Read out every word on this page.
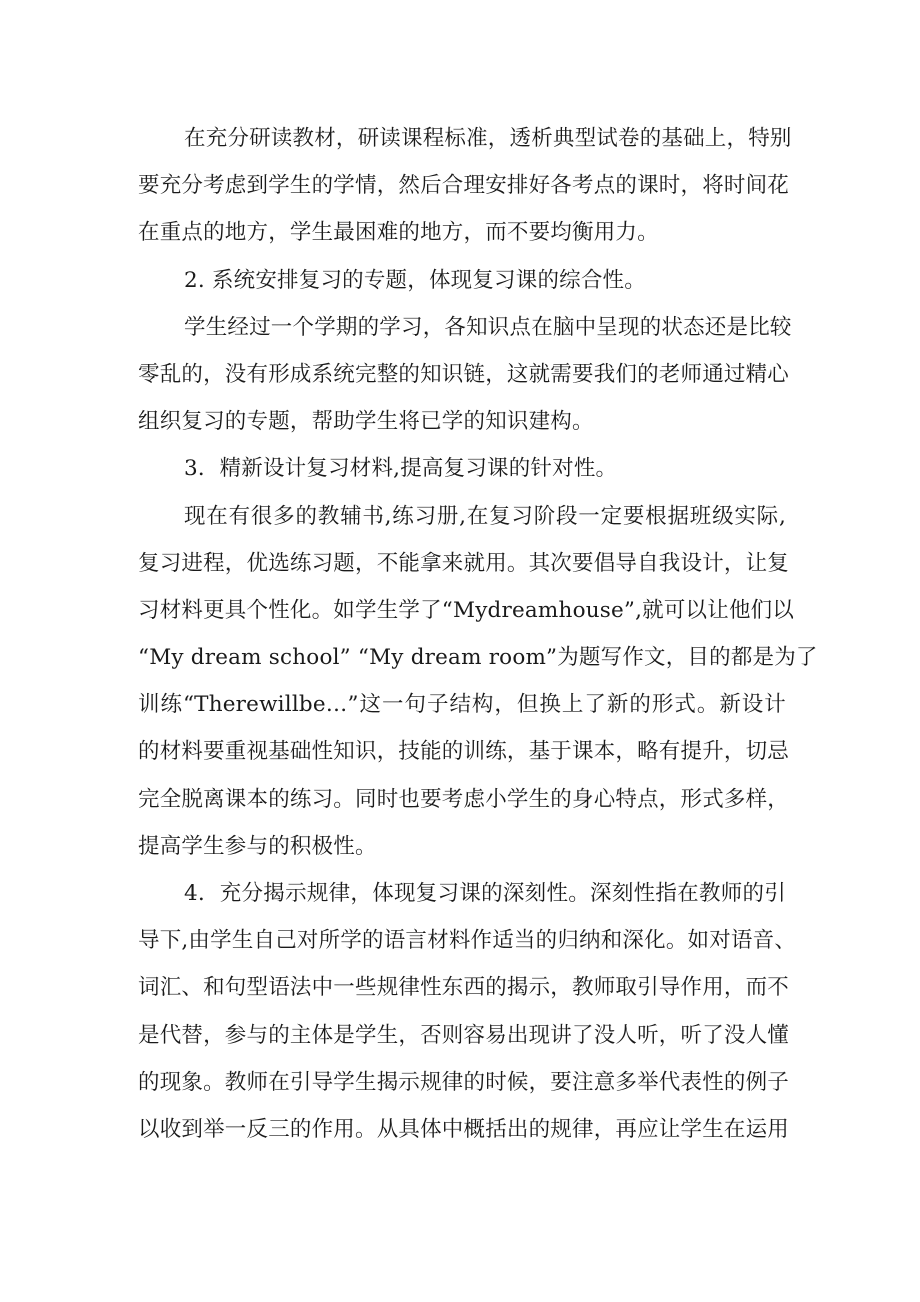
在充分研读教材，研读课程标准，透析典型试卷的基础上，特别
要充分考虑到学生的学情，然后合理安排好各考点的课时，将时间花
在重点的地方，学生最困难的地方，而不要均衡用力。
2. 系统安排复习的专题，体现复习课的综合性。
学生经过一个学期的学习，各知识点在脑中呈现的状态还是比较
零乱的，没有形成系统完整的知识链，这就需要我们的老师通过精心
组织复习的专题，帮助学生将已学的知识建构。
3．精新设计复习材料,提高复习课的针对性。
现在有很多的教辅书,练习册,在复习阶段一定要根据班级实际,
复习进程，优选练习题，不能拿来就用。其次要倡导自我设计，让复
习材料更具个性化。如学生学了“Mydreamhouse”,就可以让他们以
“My dream school” “My dream room”为题写作文，目的都是为了
训练“Therewillbe…”这一句子结构，但换上了新的形式。新设计
的材料要重视基础性知识，技能的训练，基于课本，略有提升，切忌
完全脱离课本的练习。同时也要考虑小学生的身心特点，形式多样，
提高学生参与的积极性。
4．充分揭示规律，体现复习课的深刻性。深刻性指在教师的引
导下,由学生自己对所学的语言材料作适当的归纳和深化。如对语音、
词汇、和句型语法中一些规律性东西的揭示，教师取引导作用，而不
是代替，参与的主体是学生，否则容易出现讲了没人听，听了没人懂
的现象。教师在引导学生揭示规律的时候，要注意多举代表性的例子
以收到举一反三的作用。从具体中概括出的规律，再应让学生在运用
